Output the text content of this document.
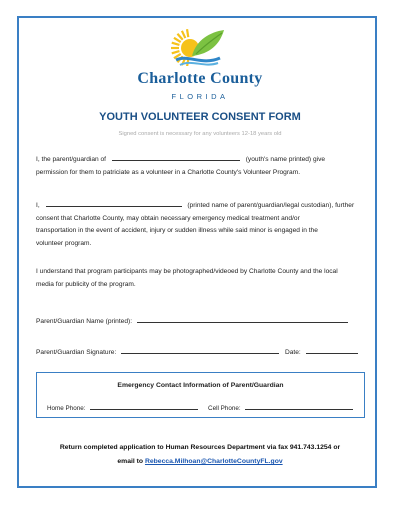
Charlotte County
FLORIDA
YOUTH VOLUNTEER CONSENT FORM
Signed consent is necessary for any volunteers 12-18 years old
I, the parent/guardian of	(youth's name printed) give
permission for them to patriciate as a volunteer in a Charlotte County's Volunteer Program.
I,	(printed name of parent/guardian/legal custodian), further
consent that Charlotte County, may obtain necessary emergency medical treatment and/or
transportation in the event of accident, injury or sudden illness while said minor is engaged in the
volunteer program.
I understand that program participants may be photographed/videoed by Charlotte County and the local
media for publicity of the program.
Parent/Guardian Name (printed):
Parent/Guardian Signature:	Date:
Emergency Contact Information of Parent/Guardian
Home Phone:	Cell Phone:
Return completed application to Human Resources Department via fax 941.743.1254 or
email to Rebecca.Milhoan@CharlotteCountyFL.gov
